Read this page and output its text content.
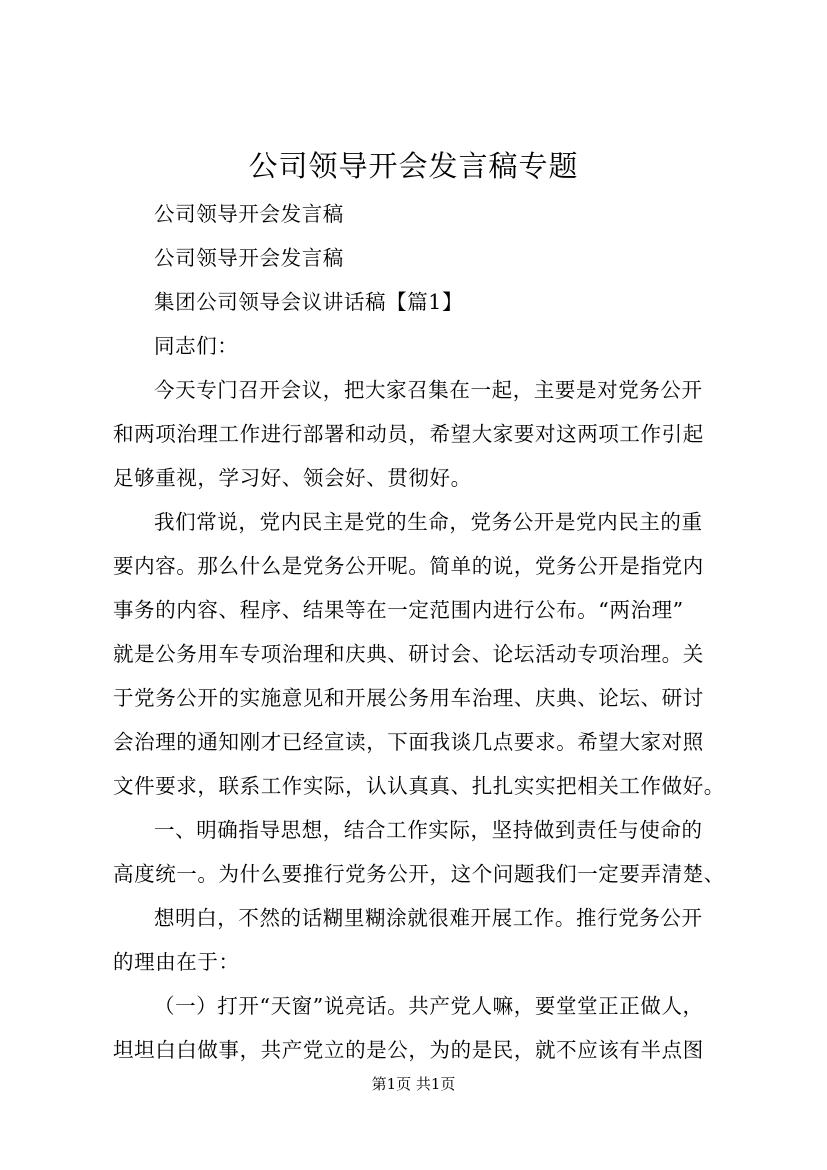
公司领导开会发言稿专题
公司领导开会发言稿
公司领导开会发言稿
集团公司领导会议讲话稿【篇1】
同志们：
今天专门召开会议，把大家召集在一起，主要是对党务公开
和两项治理工作进行部署和动员，希望大家要对这两项工作引起
足够重视，学习好、领会好、贯彻好。
我们常说，党内民主是党的生命，党务公开是党内民主的重
要内容。那么什么是党务公开呢。简单的说，党务公开是指党内
事务的内容、程序、结果等在一定范围内进行公布。“两治理”
就是公务用车专项治理和庆典、研讨会、论坛活动专项治理。关
于党务公开的实施意见和开展公务用车治理、庆典、论坛、研讨
会治理的通知刚才已经宣读，下面我谈几点要求。希望大家对照
文件要求，联系工作实际，认认真真、扎扎实实把相关工作做好。
一、明确指导思想，结合工作实际，坚持做到责任与使命的
高度统一。为什么要推行党务公开，这个问题我们一定要弄清楚、
想明白，不然的话糊里糊涂就很难开展工作。推行党务公开
的理由在于：
（一）打开“天窗”说亮话。共产党人嘛，要堂堂正正做人，
坦坦白白做事，共产党立的是公，为的是民，就不应该有半点图
第1页 共1页
